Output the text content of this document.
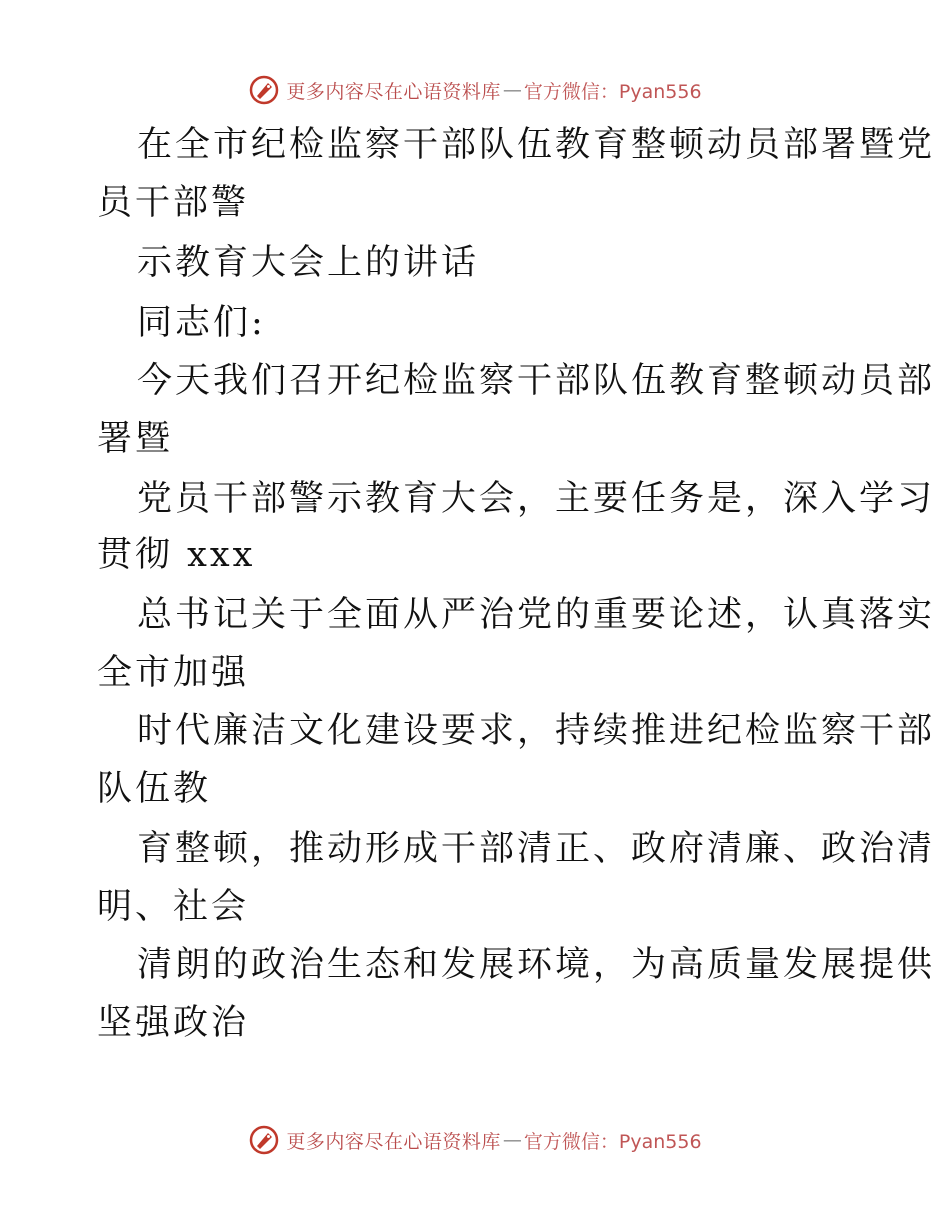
更多内容尽在心语资料库 — 官方微信：Pyan556
在全市纪检监察干部队伍教育整顿动员部署暨党
员干部警
示教育大会上的讲话
同志们:
今天我们召开纪检监察干部队伍教育整顿动员部
署暨
党员干部警示教育大会，主要任务是，深入学习
贯彻 xxx
总书记关于全面从严治党的重要论述，认真落实
全市加强
时代廉洁文化建设要求，持续推进纪检监察干部
队伍教
育整顿，推动形成干部清正、政府清廉、政治清
明、社会
清朗的政治生态和发展环境，为高质量发展提供
坚强政治
更多内容尽在心语资料库 — 官方微信：Pyan556
